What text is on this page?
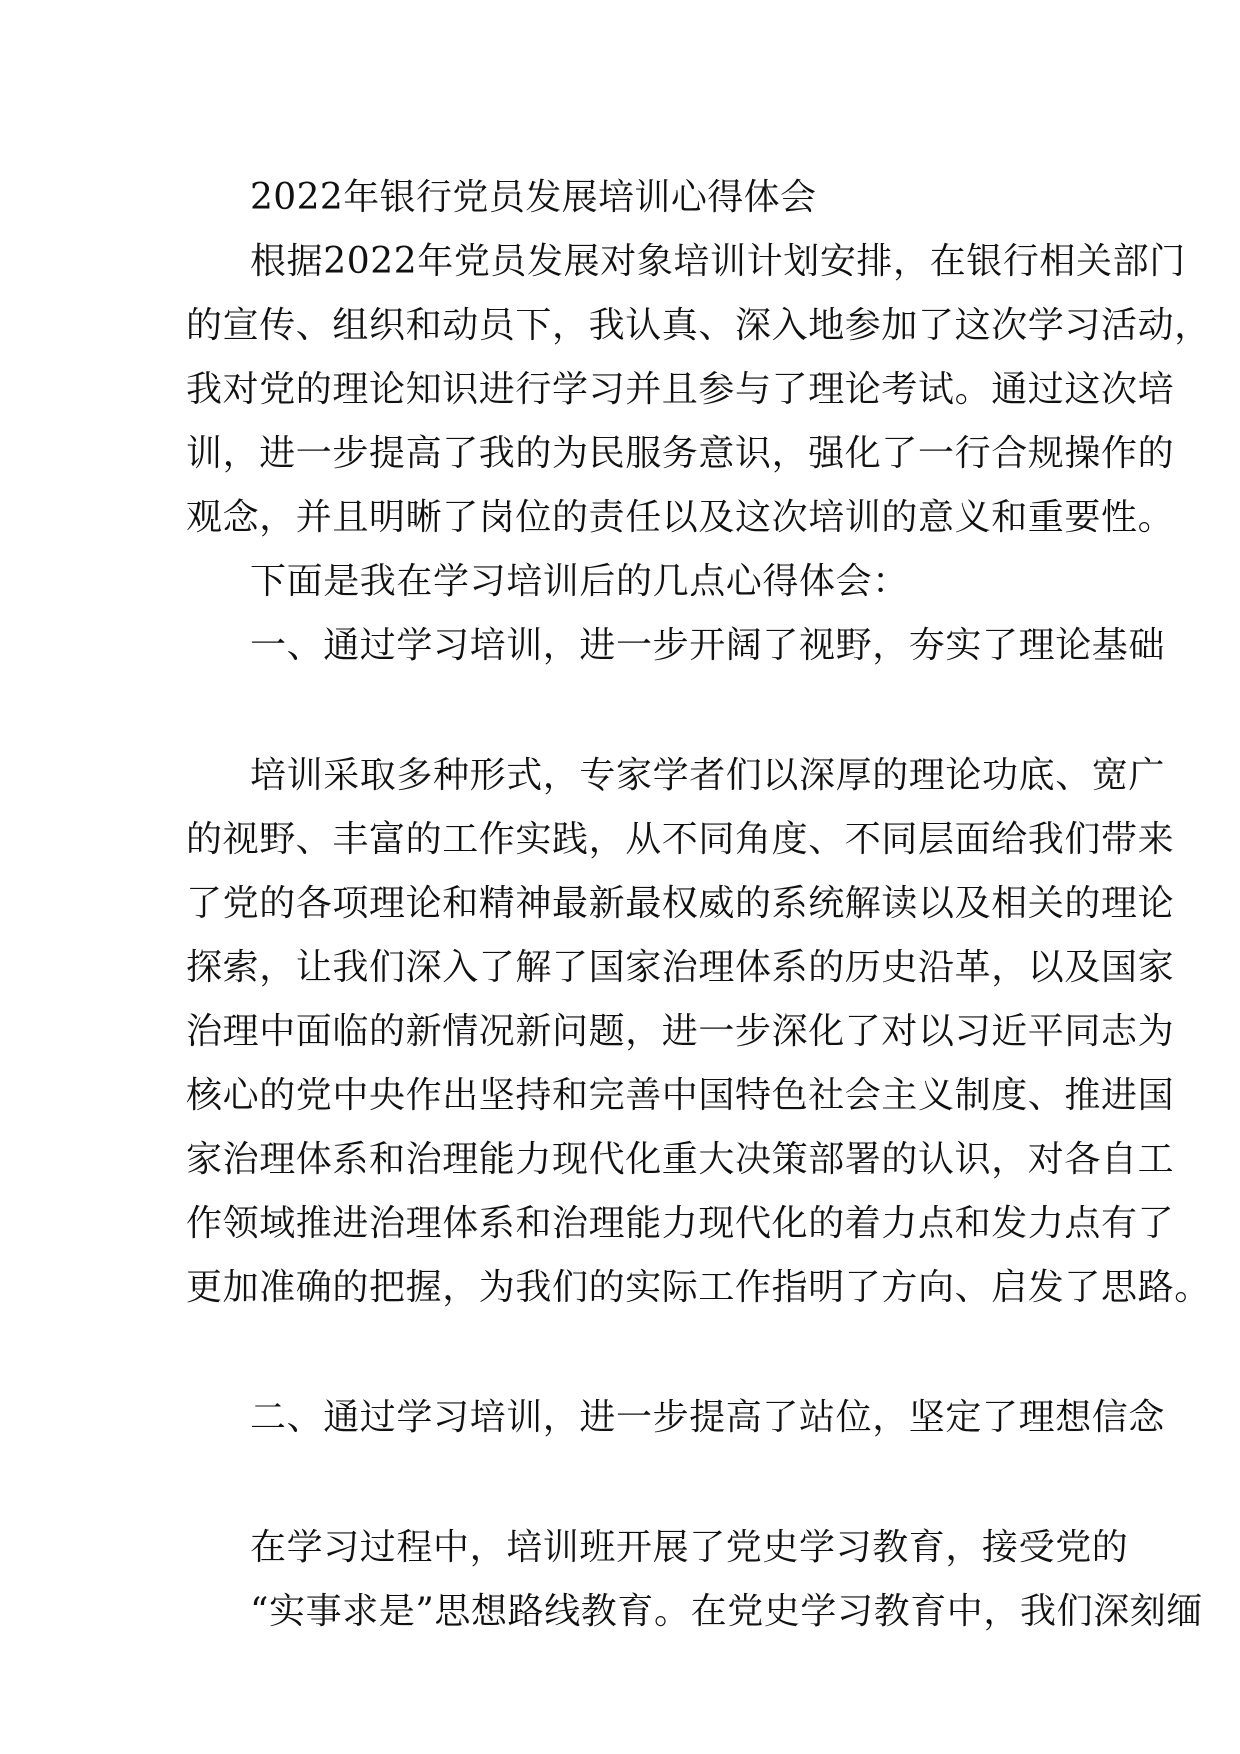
2022年银行党员发展培训心得体会
根据2022年党员发展对象培训计划安排，在银行相关部门
的宣传、组织和动员下，我认真、深入地参加了这次学习活动，
我对党的理论知识进行学习并且参与了理论考试。通过这次培
训，进一步提高了我的为民服务意识，强化了一行合规操作的
观念，并且明晰了岗位的责任以及这次培训的意义和重要性。
下面是我在学习培训后的几点心得体会：
一、通过学习培训，进一步开阔了视野，夯实了理论基础
培训采取多种形式，专家学者们以深厚的理论功底、宽广
的视野、丰富的工作实践，从不同角度、不同层面给我们带来
了党的各项理论和精神最新最权威的系统解读以及相关的理论
探索，让我们深入了解了国家治理体系的历史沿革，以及国家
治理中面临的新情况新问题，进一步深化了对以习近平同志为
核心的党中央作出坚持和完善中国特色社会主义制度、推进国
家治理体系和治理能力现代化重大决策部署的认识，对各自工
作领域推进治理体系和治理能力现代化的着力点和发力点有了
更加准确的把握，为我们的实际工作指明了方向、启发了思路。
二、通过学习培训，进一步提高了站位，坚定了理想信念
在学习过程中，培训班开展了党史学习教育，接受党的
“实事求是”思想路线教育。在党史学习教育中，我们深刻缅
